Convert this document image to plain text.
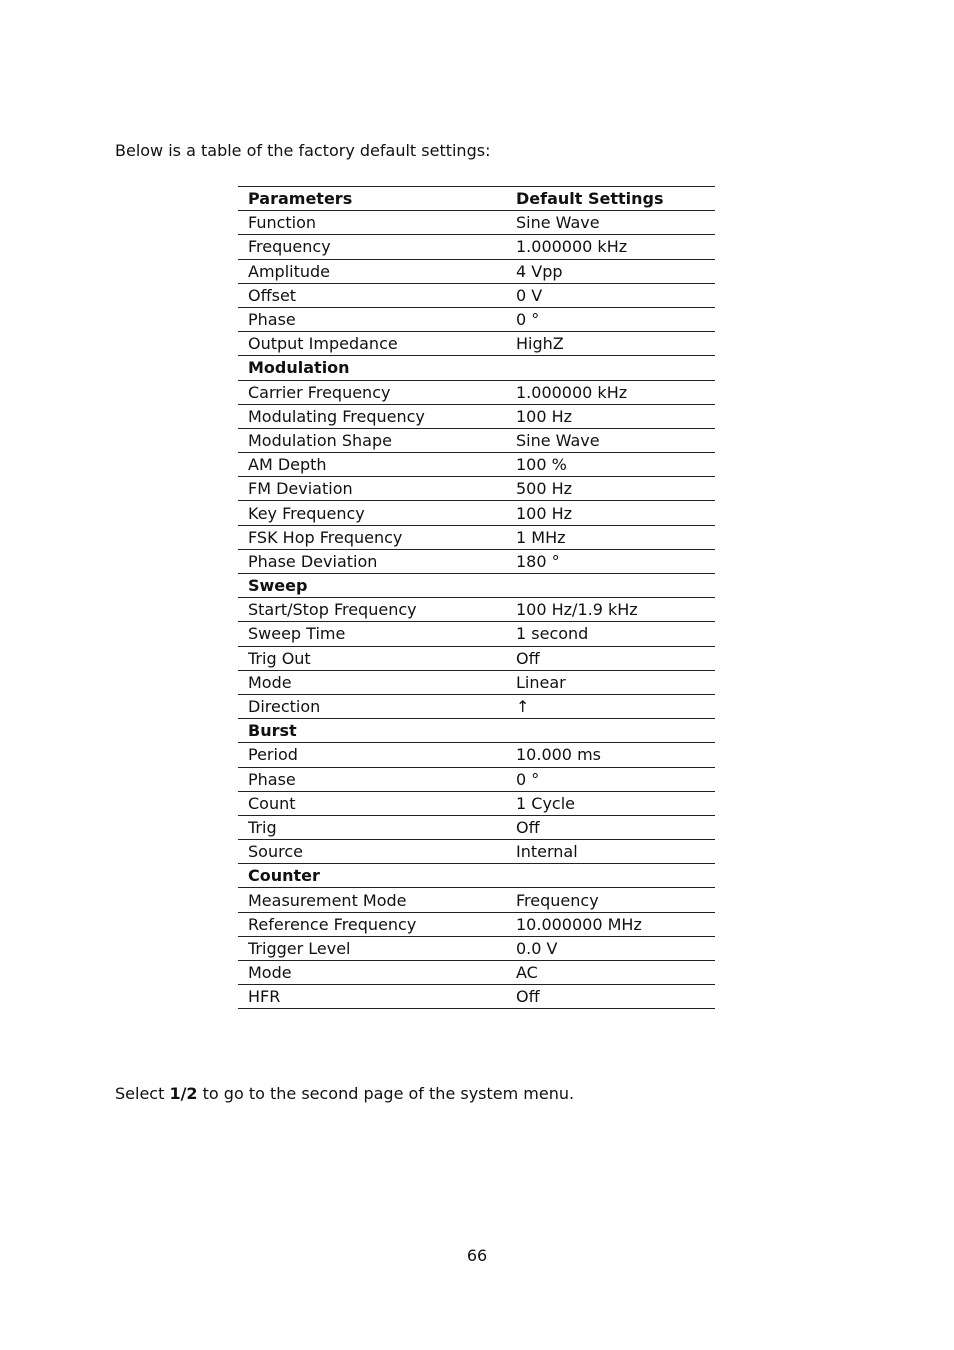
Below is a table of the factory default settings:
Parameters	Default Settings
Function	Sine Wave
Frequency	1.000000 kHz
Amplitude	4 Vpp
Offset	0 V
Phase	0 °
Output Impedance	HighZ
Modulation	
Carrier Frequency	1.000000 kHz
Modulating Frequency	100 Hz
Modulation Shape	Sine Wave
AM Depth	100 %
FM Deviation	500 Hz
Key Frequency	100 Hz
FSK Hop Frequency	1 MHz
Phase Deviation	180 °
Sweep	
Start/Stop Frequency	100 Hz/1.9 kHz
Sweep Time	1 second
Trig Out	Off
Mode	Linear
Direction	↑
Burst	
Period	10.000 ms
Phase	0 °
Count	1 Cycle
Trig	Off
Source	Internal
Counter	
Measurement Mode	Frequency
Reference Frequency	10.000000 MHz
Trigger Level	0.0 V
Mode	AC
HFR	Off
Select 1/2 to go to the second page of the system menu.
66
